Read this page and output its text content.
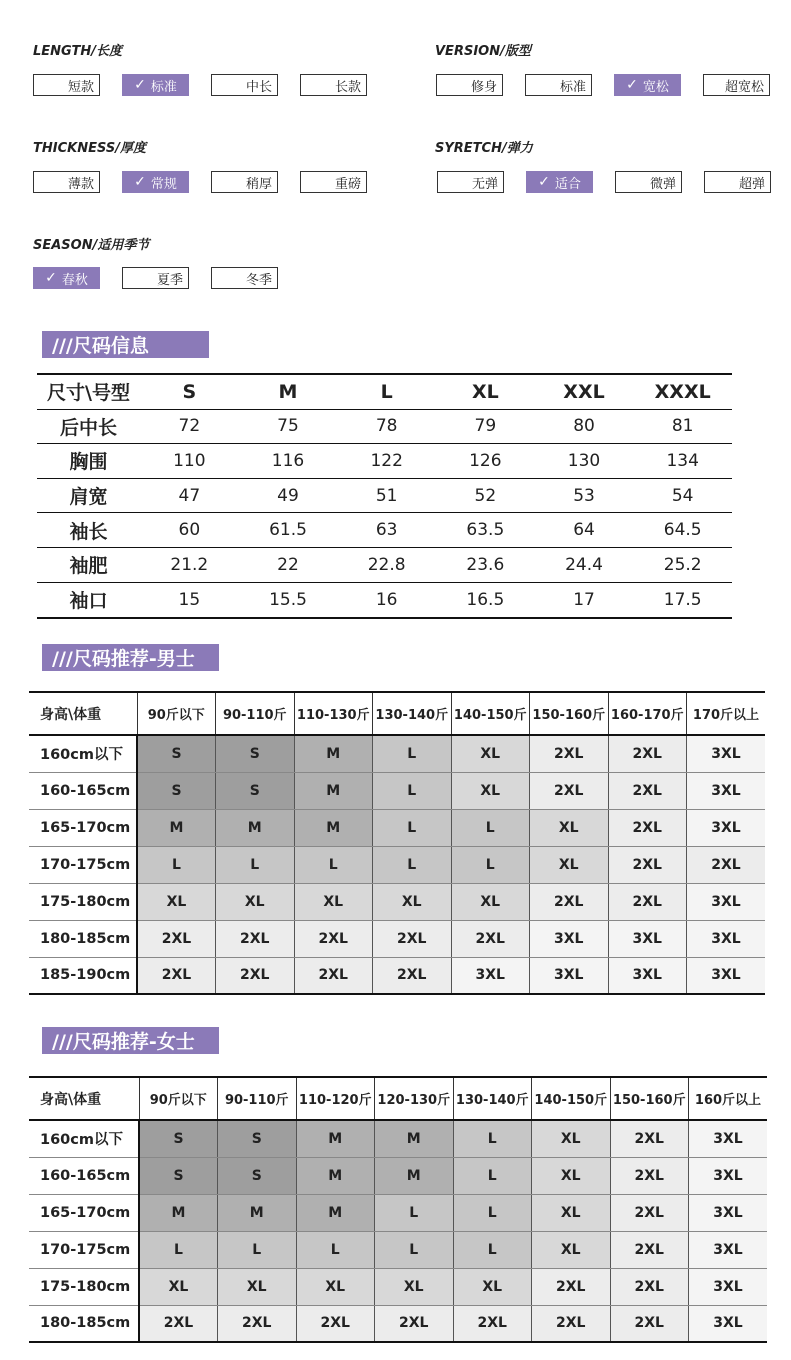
LENGTH/长度	VERSION/版型
THICKNESS/厚度	SYRETCH/弹力
SEASON/适用季节
///尺码信息
尺寸\号型	S	M	L	XL	XXL	XXXL
后中长	72	75	78	79	80	81
胸围	110	116	122	126	130	134
肩宽	47	49	51	52	53	54
袖长	60	61.5	63	63.5	64	64.5
袖肥	21.2	22	22.8	23.6	24.4	25.2
袖口	15	15.5	16	16.5	17	17.5
///尺码推荐-男士
身高\体重	90斤以下	90-110斤	110-130斤	130-140斤	140-150斤	150-160斤	160-170斤	170斤以上
160cm以下	S	S	M	L	XL	2XL	2XL	3XL
160-165cm	S	S	M	L	XL	2XL	2XL	3XL
165-170cm	M	M	M	L	L	XL	2XL	3XL
170-175cm	L	L	L	L	L	XL	2XL	2XL
175-180cm	XL	XL	XL	XL	XL	2XL	2XL	3XL
180-185cm	2XL	2XL	2XL	2XL	2XL	3XL	3XL	3XL
185-190cm	2XL	2XL	2XL	2XL	3XL	3XL	3XL	3XL
///尺码推荐-女士
身高\体重	90斤以下	90-110斤	110-120斤	120-130斤	130-140斤	140-150斤	150-160斤	160斤以上
160cm以下	S	S	M	M	L	XL	2XL	3XL
160-165cm	S	S	M	M	L	XL	2XL	3XL
165-170cm	M	M	M	L	L	XL	2XL	3XL
170-175cm	L	L	L	L	L	XL	2XL	3XL
175-180cm	XL	XL	XL	XL	XL	2XL	2XL	3XL
180-185cm	2XL	2XL	2XL	2XL	2XL	2XL	2XL	3XL
短款	✓ 标准	中长	长款	修身	标准	✓ 宽松	超宽松
薄款	✓ 常规	稍厚	重磅	无弹	✓ 适合	微弹	超弹
✓ 春秋	夏季	冬季
